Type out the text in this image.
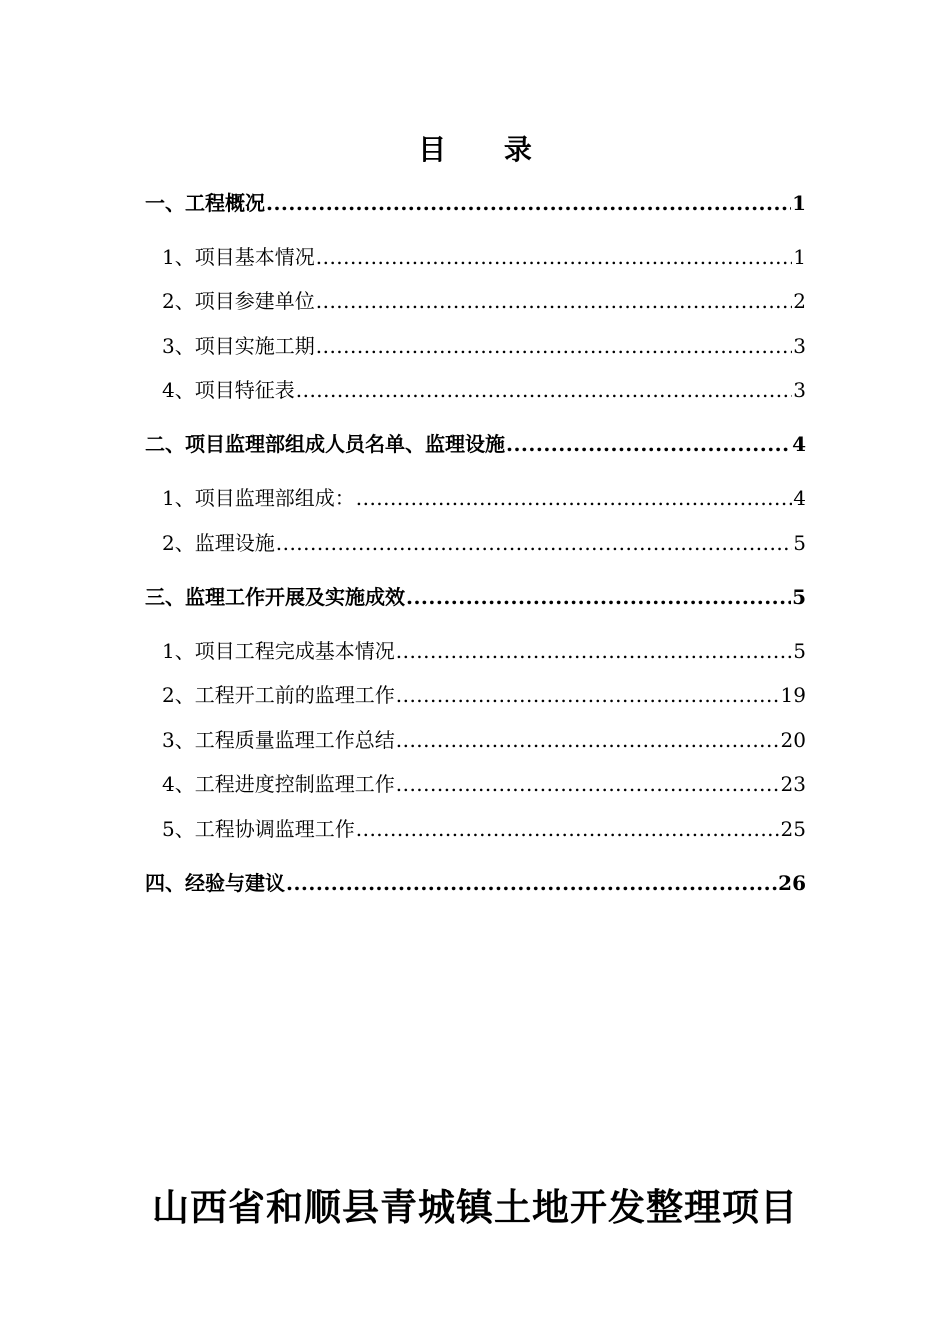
目 录
一、工程概况 .....	1
1、项目基本情况 .....	1
2、项目参建单位 .....	2
3、项目实施工期 .....	3
4、项目特征表 .....	3
二、项目监理部组成人员名单、监理设施 .....	4
1、项目监理部组成： .....	4
2、监理设施 .....	5
三、监理工作开展及实施成效 .....	5
1、项目工程完成基本情况 .....	5
2、工程开工前的监理工作 .....	19
3、工程质量监理工作总结 .....	20
4、工程进度控制监理工作 .....	23
5、工程协调监理工作 .....	25
四、经验与建议 .....	26
山西省和顺县青城镇土地开发整理项目
